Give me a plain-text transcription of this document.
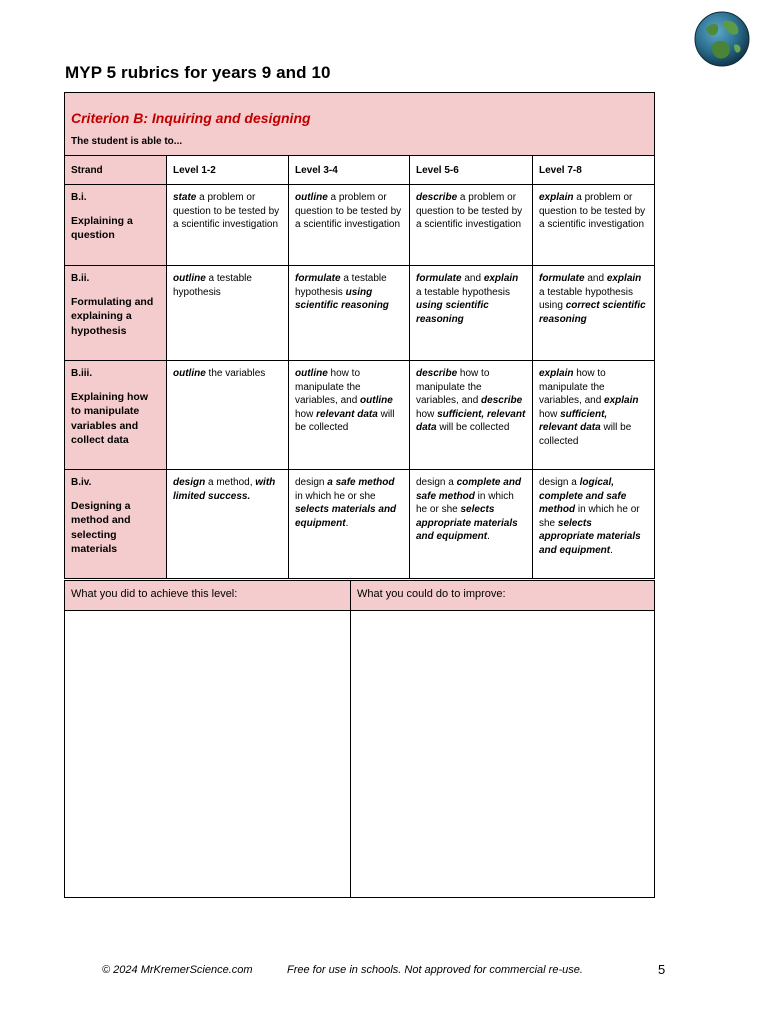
MYP 5 rubrics for years 9 and 10
Criterion B: Inquiring and designing
The student is able to...				

Strand	Level 1-2	Level 3-4	Level 5-6	Level 7-8

B.i.
Explaining a question	state a problem or question to be tested by a scientific investigation	outline a problem or question to be tested by a scientific investigation	describe a problem or question to be tested by a scientific investigation	explain a problem or question to be tested by a scientific investigation

B.ii.
Formulating and explaining a hypothesis	outline a testable hypothesis	formulate a testable hypothesis using scientific reasoning	formulate and explain a testable hypothesis using scientific reasoning	formulate and explain a testable hypothesis using correct scientific reasoning

B.iii.
Explaining how to manipulate variables and collect data	outline the variables	outline how to manipulate the variables, and outline how relevant data will be collected	describe how to manipulate the variables, and describe how sufficient, relevant data will be collected	explain how to manipulate the variables, and explain how sufficient, relevant data will be collected

B.iv.
Designing a method and selecting materials	design a method, with limited success.	design a safe method in which he or she selects materials and equipment.	design a complete and safe method in which he or she selects appropriate materials and equipment.	design a logical, complete and safe method in which he or she selects appropriate materials and equipment.
What you did to achieve this level:	What you could do to improve:

© 2024 MrKremerScience.com	Free for use in schools. Not approved for commercial re-use.	5
